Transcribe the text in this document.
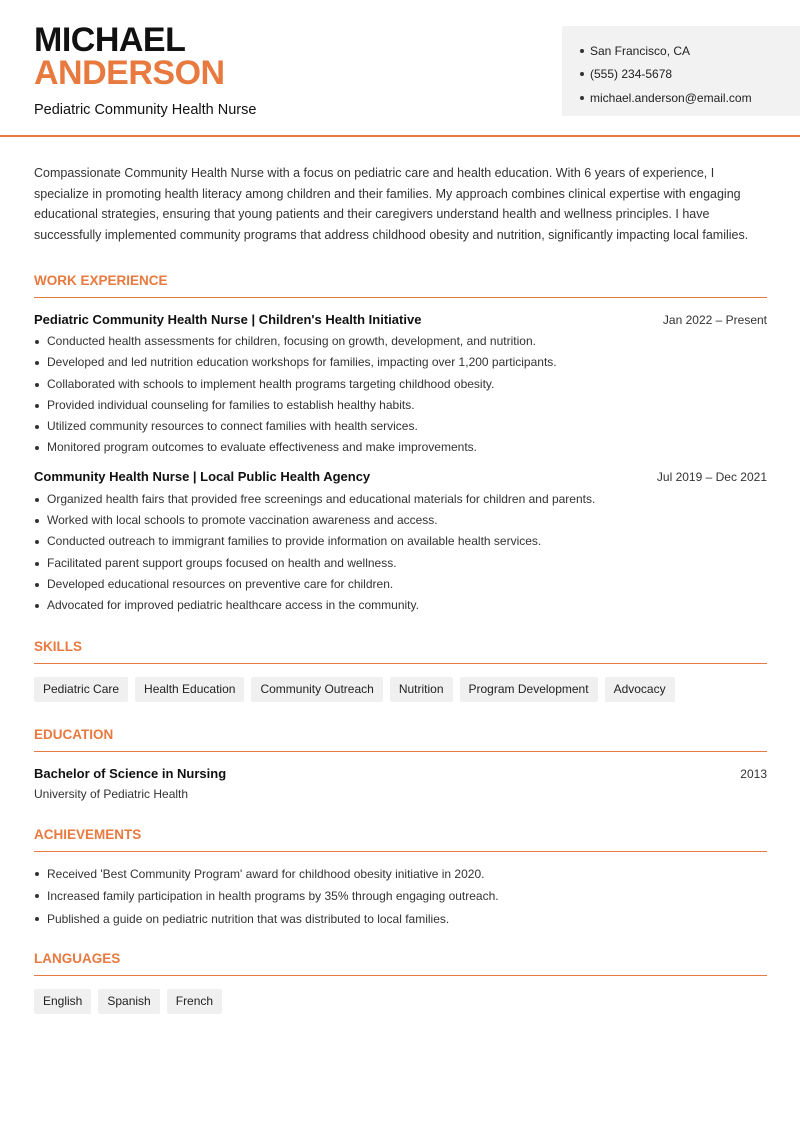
MICHAEL
ANDERSON
Pediatric Community Health Nurse
San Francisco, CA
(555) 234-5678
michael.anderson@email.com

Compassionate Community Health Nurse with a focus on pediatric care and health education. With 6 years of experience, I specialize in promoting health literacy among children and their families. My approach combines clinical expertise with engaging educational strategies, ensuring that young patients and their caregivers understand health and wellness principles. I have successfully implemented community programs that address childhood obesity and nutrition, significantly impacting local families.

WORK EXPERIENCE
Pediatric Community Health Nurse | Children's Health Initiative	Jan 2022 – Present
Conducted health assessments for children, focusing on growth, development, and nutrition.
Developed and led nutrition education workshops for families, impacting over 1,200 participants.
Collaborated with schools to implement health programs targeting childhood obesity.
Provided individual counseling for families to establish healthy habits.
Utilized community resources to connect families with health services.
Monitored program outcomes to evaluate effectiveness and make improvements.
Community Health Nurse | Local Public Health Agency	Jul 2019 – Dec 2021
Organized health fairs that provided free screenings and educational materials for children and parents.
Worked with local schools to promote vaccination awareness and access.
Conducted outreach to immigrant families to provide information on available health services.
Facilitated parent support groups focused on health and wellness.
Developed educational resources on preventive care for children.
Advocated for improved pediatric healthcare access in the community.
SKILLS
Pediatric Care	Health Education	Community Outreach	Nutrition	Program Development	Advocacy
EDUCATION
Bachelor of Science in Nursing	2013
University of Pediatric Health
ACHIEVEMENTS
Received 'Best Community Program' award for childhood obesity initiative in 2020.
Increased family participation in health programs by 35% through engaging outreach.
Published a guide on pediatric nutrition that was distributed to local families.
LANGUAGES
English	Spanish	French
